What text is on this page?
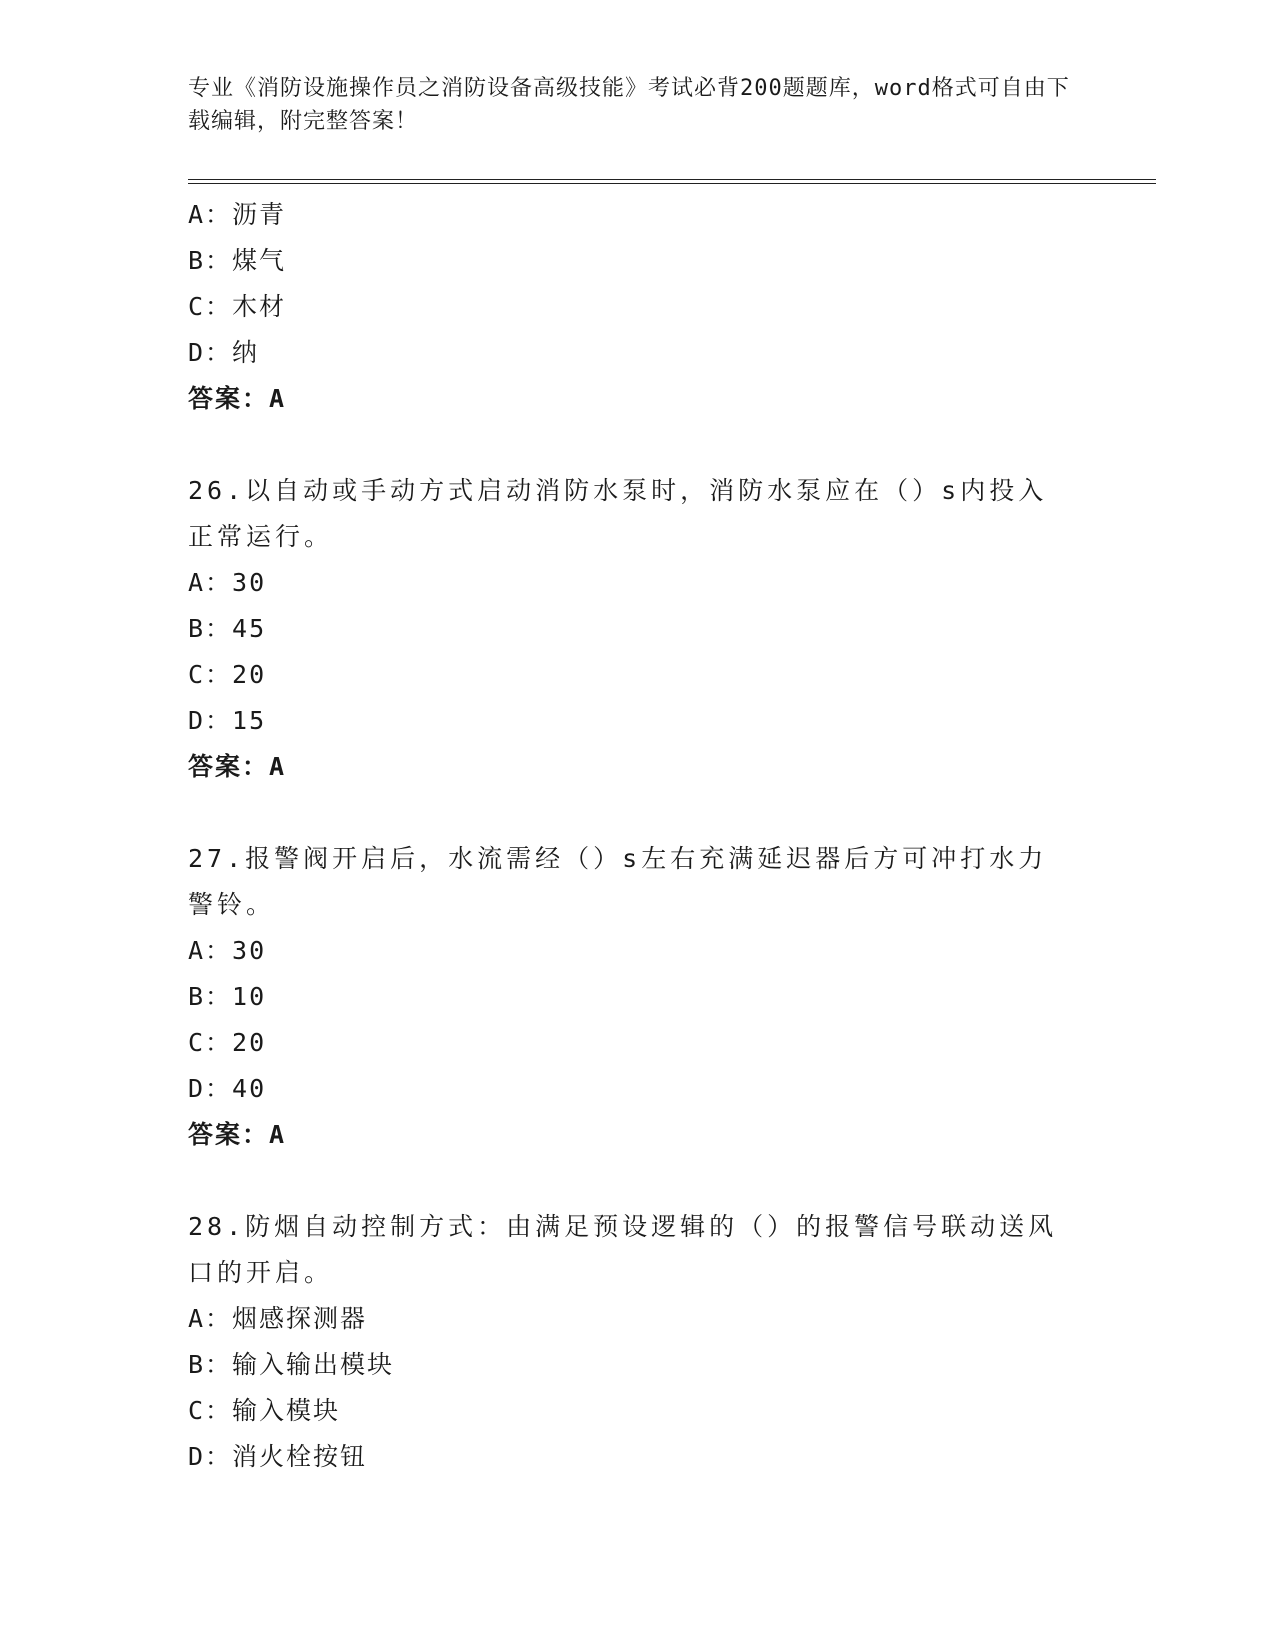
专业《消防设施操作员之消防设备高级技能》考试必背200题题库，word格式可自由下载编辑，附完整答案！
A：沥青
B：煤气
C：木材
D：纳
答案：A
26.以自动或手动方式启动消防水泵时，消防水泵应在（）s内投入正常运行。
A：30
B：45
C：20
D：15
答案：A
27.报警阀开启后，水流需经（）s左右充满延迟器后方可冲打水力警铃。
A：30
B：10
C：20
D：40
答案：A
28.防烟自动控制方式：由满足预设逻辑的（）的报警信号联动送风口的开启。
A：烟感探测器
B：输入输出模块
C：输入模块
D：消火栓按钮
